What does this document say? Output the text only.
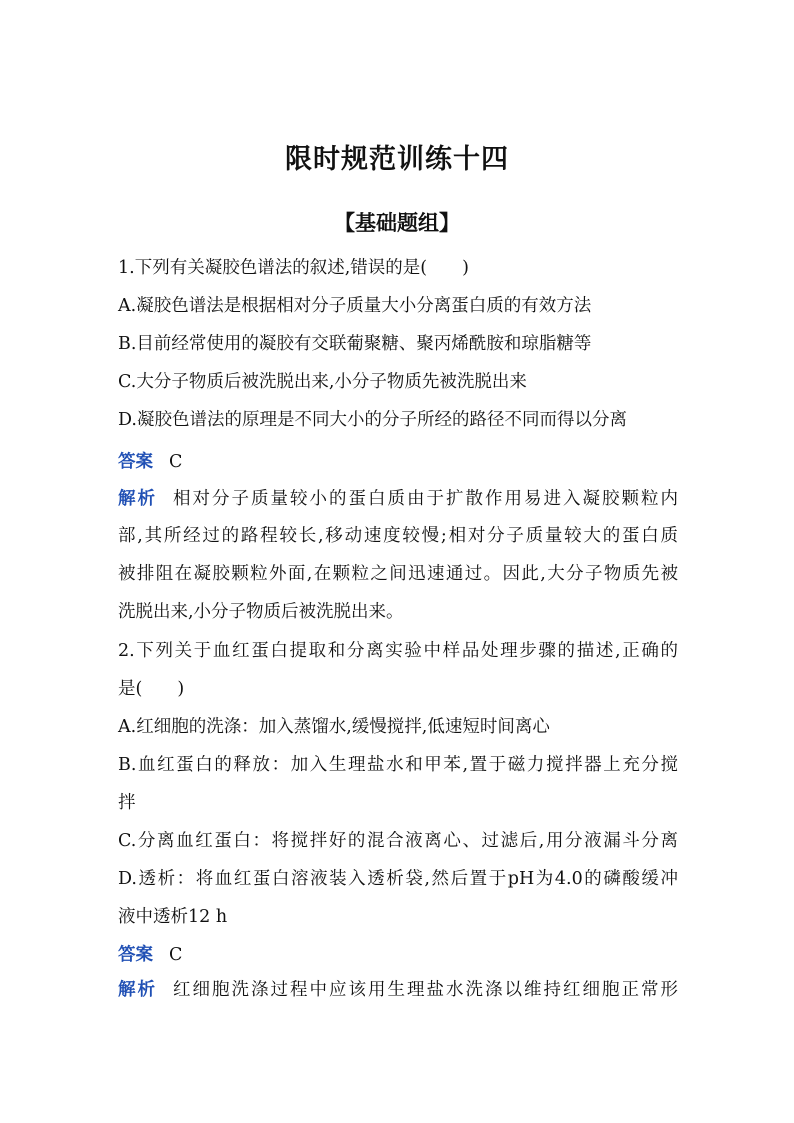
限时规范训练十四
【基础题组】
1.下列有关凝胶色谱法的叙述,错误的是(　　)
A.凝胶色谱法是根据相对分子质量大小分离蛋白质的有效方法
B.目前经常使用的凝胶有交联葡聚糖、聚丙烯酰胺和琼脂糖等
C.大分子物质后被洗脱出来,小分子物质先被洗脱出来
D.凝胶色谱法的原理是不同大小的分子所经的路径不同而得以分离
答案 C
解析 相对分子质量较小的蛋白质由于扩散作用易进入凝胶颗粒内
部,其所经过的路程较长,移动速度较慢;相对分子质量较大的蛋白质
被排阻在凝胶颗粒外面,在颗粒之间迅速通过。因此,大分子物质先被
洗脱出来,小分子物质后被洗脱出来。
2.下列关于血红蛋白提取和分离实验中样品处理步骤的描述,正确的
是(　　)
A.红细胞的洗涤：加入蒸馏水,缓慢搅拌,低速短时间离心
B.血红蛋白的释放：加入生理盐水和甲苯,置于磁力搅拌器上充分搅
拌
C.分离血红蛋白：将搅拌好的混合液离心、过滤后,用分液漏斗分离
D.透析：将血红蛋白溶液装入透析袋,然后置于pH为4.0的磷酸缓冲
液中透析12 h
答案 C
解析 红细胞洗涤过程中应该用生理盐水洗涤以维持红细胞正常形
